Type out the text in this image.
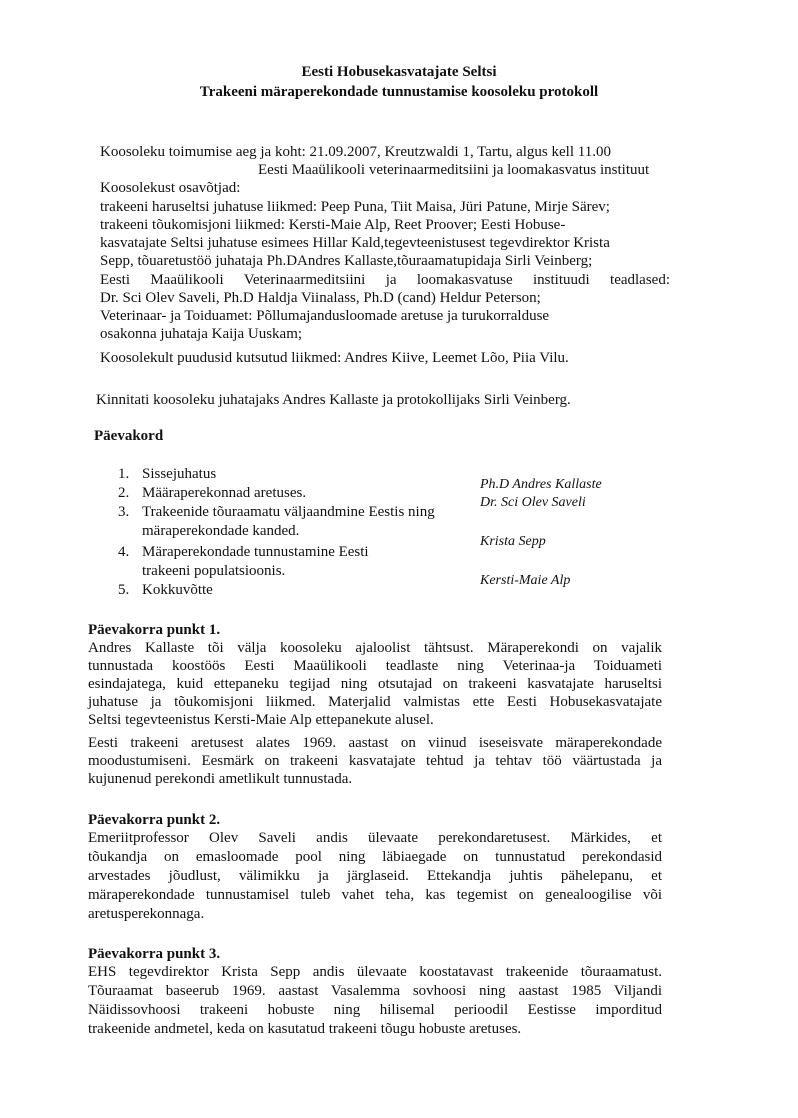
Eesti Hobusekasvatajate Seltsi
Trakeeni märaperekondade tunnustamise koosoleku protokoll
Koosoleku toimumise aeg ja koht: 21.09.2007, Kreutzwaldi 1, Tartu, algus kell 11.00
Eesti Maaülikooli veterinaarmeditsiini ja loomakasvatus instituut
Koosolekust osavõtjad:
trakeeni haruseltsi juhatuse liikmed: Peep Puna, Tiit Maisa, Jüri Patune, Mirje Särev;
trakeeni tõukomisjoni liikmed: Kersti-Maie Alp, Reet Proover; Eesti Hobuse-
kasvatajate Seltsi juhatuse esimees Hillar Kald,tegevteenistusest tegevdirektor Krista
Sepp, tõuaretustöö juhataja Ph.DAndres Kallaste,tõuraamatupidaja Sirli Veinberg;
Eesti Maaülikooli Veterinaarmeditsiini ja loomakasvatuse instituudi teadlased:
Dr. Sci Olev Saveli, Ph.D Haldja Viinalass, Ph.D (cand) Heldur Peterson;
Veterinaar- ja Toiduamet: Põllumajandusloomade aretuse ja turukorralduse
osakonna juhataja Kaija Uuskam;
Koosolekult puudusid kutsutud liikmed: Andres Kiive, Leemet Lõo, Piia Vilu.
Kinnitati koosoleku juhatajaks Andres Kallaste ja protokollijaks Sirli Veinberg.
Päevakord
1. Sissejuhatus
2. Määraperekonnad aretuses.
3. Trakeenide tõuraamatu väljaandmine Eestis ning
märaperekondade kanded.
4. Märaperekondade tunnustamine Eesti
trakeeni populatsioonis.
5. Kokkuvõtte
Ph.D Andres Kallaste
Dr. Sci Olev Saveli
Krista Sepp
Kersti-Maie Alp
Päevakorra punkt 1.
Andres Kallaste tõi välja koosoleku ajaloolist tähtsust. Märaperekondi on vajalik
tunnustada koostöös Eesti Maaülikooli teadlaste ning Veterinaa-ja Toiduameti
esindajatega, kuid ettepaneku tegijad ning otsutajad on trakeeni kasvatajate haruseltsi
juhatuse ja tõukomisjoni liikmed. Materjalid valmistas ette Eesti Hobusekasvatajate
Seltsi tegevteenistus Kersti-Maie Alp ettepanekute alusel.
Eesti trakeeni aretusest alates 1969. aastast on viinud iseseisvate märaperekondade
moodustumiseni. Eesmärk on trakeeni kasvatajate tehtud ja tehtav töö väärtustada ja
kujunenud perekondi ametlikult tunnustada.
Päevakorra punkt 2.
Emeriitprofessor Olev Saveli andis ülevaate perekondaretusest. Märkides, et
tõukandja on emasloomade pool ning läbiaegade on tunnustatud perekondasid
arvestades jõudlust, välimikku ja järglaseid. Ettekandja juhtis pähelepanu, et
märaperekondade tunnustamisel tuleb vahet teha, kas tegemist on genealoogilise või
aretusperekonnaga.
Päevakorra punkt 3.
EHS tegevdirektor Krista Sepp andis ülevaate koostatavast trakeenide tõuraamatust.
Tõuraamat baseerub 1969. aastast Vasalemma sovhoosi ning aastast 1985 Viljandi
Näidissovhoosi trakeeni hobuste ning hilisemal perioodil Eestisse imporditud
trakeenide andmetel, keda on kasutatud trakeeni tõugu hobuste aretuses.
